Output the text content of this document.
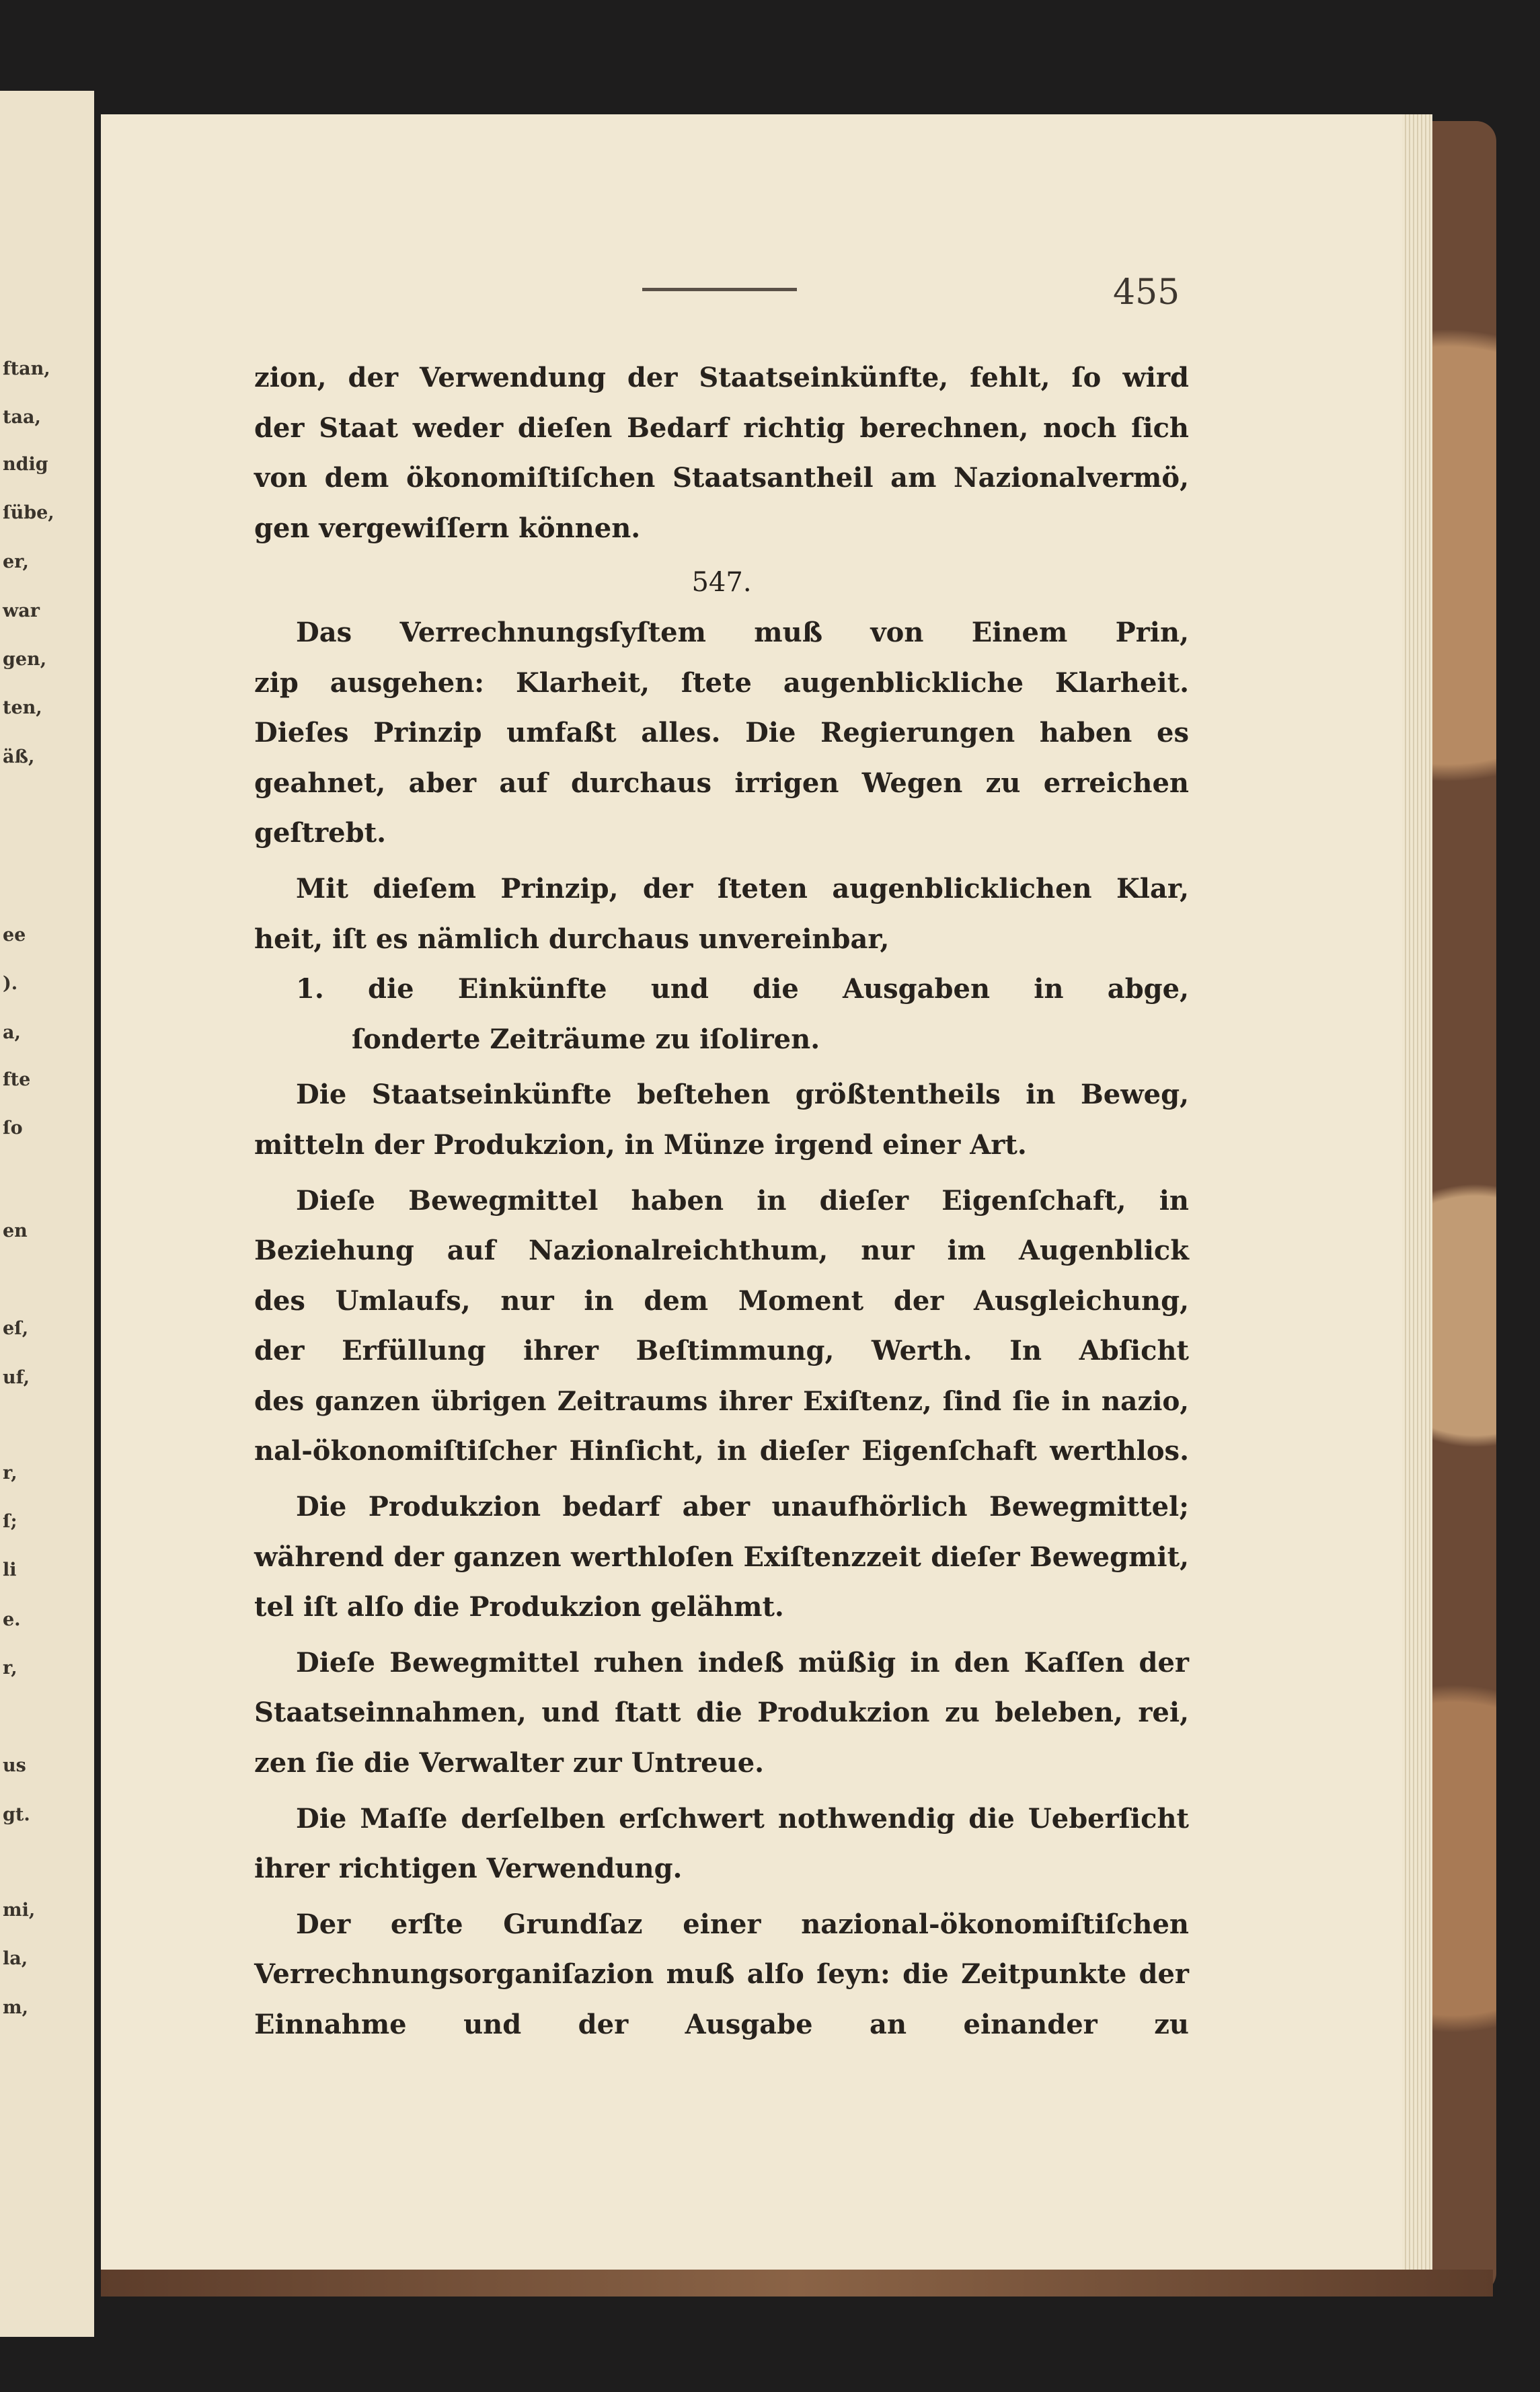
ftan,

taa,

ndig

ſübe,

er,

war

gen,

ten,

äß,

ee

).

a,

fte

ſo

en

eſ,

uf,

r,

ſ;

li

e.

r,

us

gt.

mi,

la,

m,

455

zion, der Verwendung der Staatseinkünfte, fehlt, ſo wird

der Staat weder dieſen Bedarf richtig berechnen, noch ſich

von dem ökonomiſtiſchen Staatsantheil am Nazionalvermö,

gen vergewiſſern können.

547.

Das Verrechnungsſyſtem muß von Einem Prin,

zip ausgehen: Klarheit, ſtete augenblickliche Klarheit.

Dieſes Prinzip umfaßt alles. Die Regierungen haben es

geahnet, aber auf durchaus irrigen Wegen zu erreichen

geſtrebt.

Mit dieſem Prinzip, der ſteten augenblicklichen Klar,

heit, iſt es nämlich durchaus unvereinbar,

1. die Einkünfte und die Ausgaben in abge,

ſonderte Zeiträume zu iſoliren.

Die Staatseinkünfte beſtehen größtentheils in Beweg,

mitteln der Produkzion, in Münze irgend einer Art.

Dieſe Bewegmittel haben in dieſer Eigenſchaft, in

Beziehung auf Nazionalreichthum, nur im Augenblick

des Umlaufs, nur in dem Moment der Ausgleichung,

der Erfüllung ihrer Beſtimmung, Werth. In Abſicht

des ganzen übrigen Zeitraums ihrer Exiſtenz, ſind ſie in nazio,

nal-ökonomiſtiſcher Hinſicht, in dieſer Eigenſchaft werthlos.

Die Produkzion bedarf aber unaufhörlich Bewegmittel;

während der ganzen werthloſen Exiſtenzzeit dieſer Bewegmit,

tel iſt alſo die Produkzion gelähmt.

Dieſe Bewegmittel ruhen indeß müßig in den Kaſſen der

Staatseinnahmen, und ſtatt die Produkzion zu beleben, rei,

zen ſie die Verwalter zur Untreue.

Die Maſſe derſelben erſchwert nothwendig die Ueberſicht

ihrer richtigen Verwendung.

Der erſte Grundſaz einer nazional-ökonomiſtiſchen

Verrechnungsorganiſazion muß alſo ſeyn: die Zeitpunkte der

Einnahme und der Ausgabe an einander zu
